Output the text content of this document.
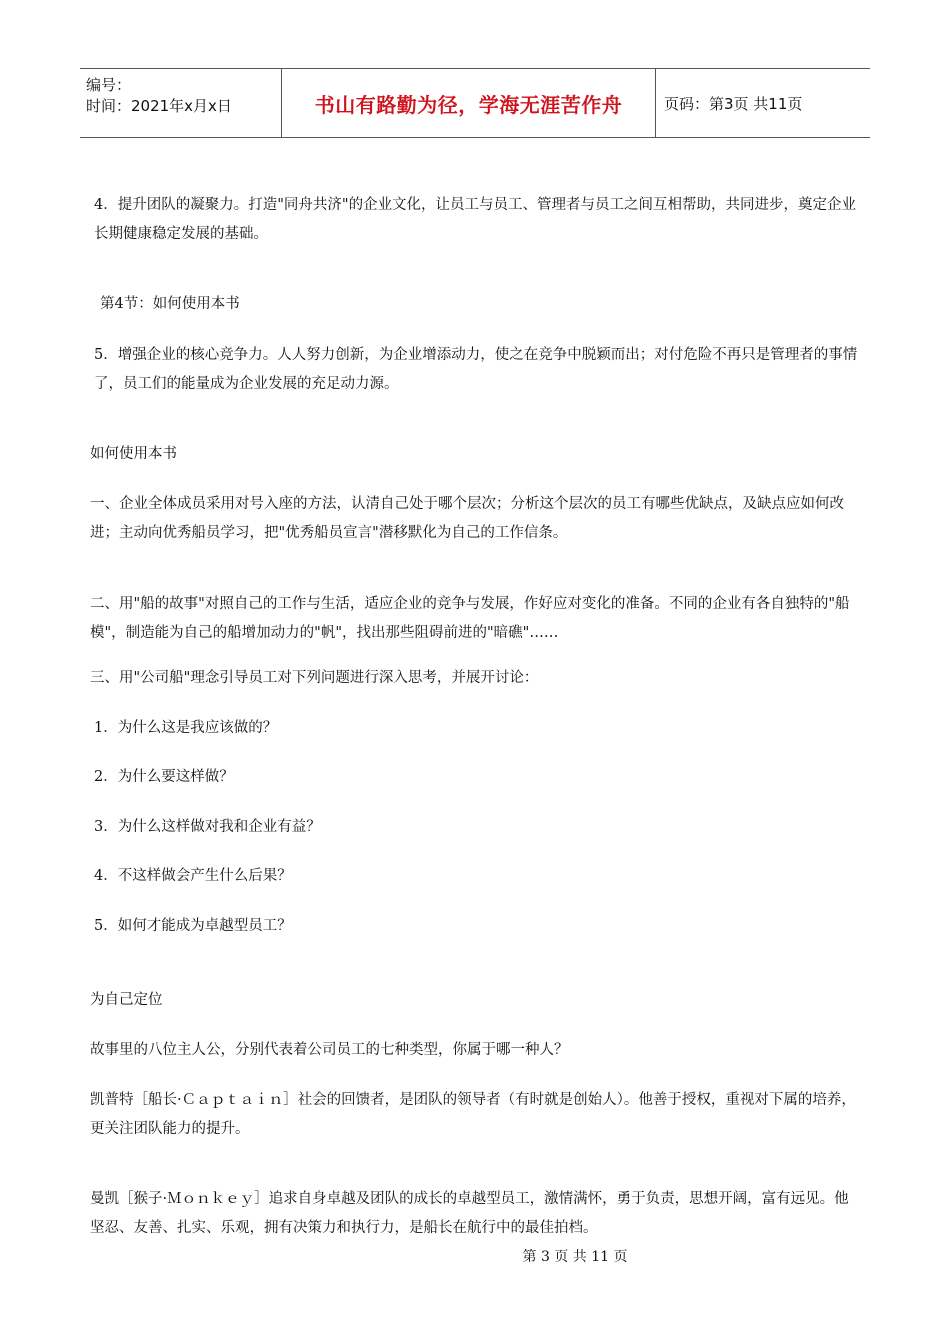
编号：
时间：2021年x月x日	书山有路勤为径，学海无涯苦作舟	页码：第3页 共11页

4．提升团队的凝聚力。打造"同舟共济"的企业文化，让员工与员工、管理者与员工之间互相帮助，共同进步，奠定企业长期健康稳定发展的基础。

第4节：如何使用本书

5．增强企业的核心竞争力。人人努力创新，为企业增添动力，使之在竞争中脱颖而出；对付危险不再只是管理者的事情了，员工们的能量成为企业发展的充足动力源。

如何使用本书

一、企业全体成员采用对号入座的方法，认清自己处于哪个层次；分析这个层次的员工有哪些优缺点，及缺点应如何改进；主动向优秀船员学习，把"优秀船员宣言"潜移默化为自己的工作信条。

二、用"船的故事"对照自己的工作与生活，适应企业的竞争与发展，作好应对变化的准备。不同的企业有各自独特的"船模"，制造能为自己的船增加动力的"帆"，找出那些阻碍前进的"暗礁"……

三、用"公司船"理念引导员工对下列问题进行深入思考，并展开讨论：

1．为什么这是我应该做的？

2．为什么要这样做？

3．为什么这样做对我和企业有益？

4．不这样做会产生什么后果？

5．如何才能成为卓越型员工？

为自己定位

故事里的八位主人公，分别代表着公司员工的七种类型，你属于哪一种人？

凯普特［船长·Ｃａｐｔａｉｎ］社会的回馈者，是团队的领导者（有时就是创始人）。他善于授权，重视对下属的培养，更关注团队能力的提升。

曼凯［猴子·Ｍｏｎｋｅｙ］追求自身卓越及团队的成长的卓越型员工，激情满怀，勇于负责，思想开阔，富有远见。他坚忍、友善、扎实、乐观，拥有决策力和执行力，是船长在航行中的最佳拍档。

第 3 页 共 11 页
